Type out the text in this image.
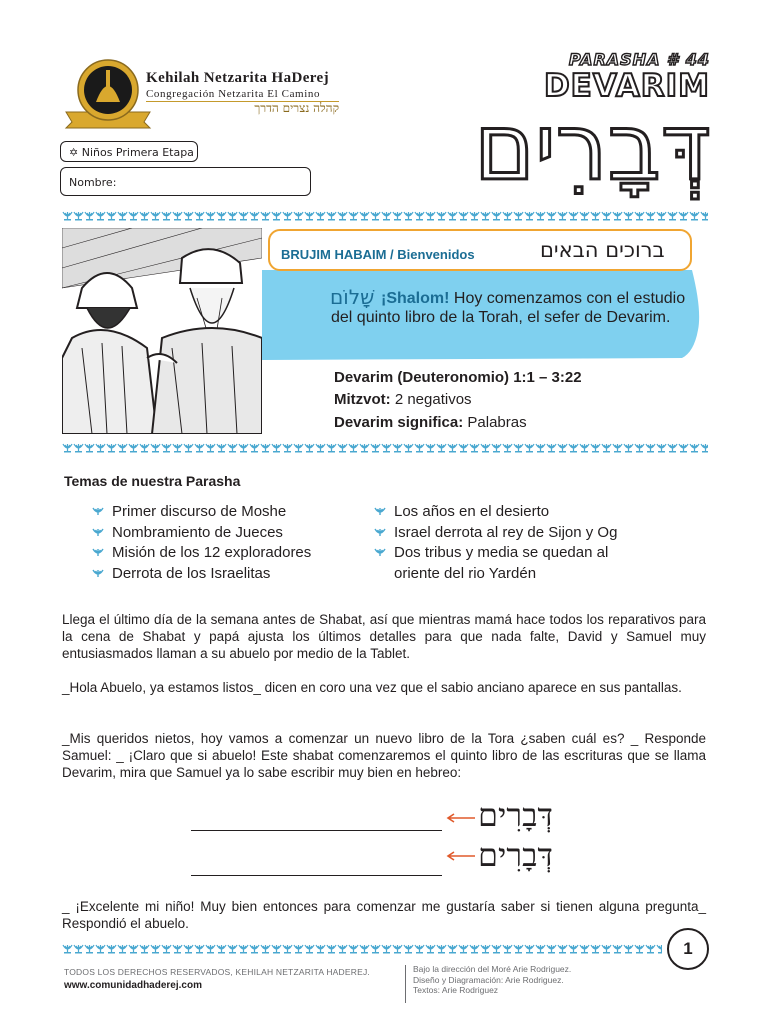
Kehilah Netzarita HaDerej
Congregación Netzarita El Camino
קהלה נצרים הדרך
PARASHA # 44
DEVARIM
דְּבָרִים
✡ Niños Primera Etapa
Nombre:
BRUJIM HABAIM / Bienvenidos	ברוכים הבאים
שָׁלוֹם ¡Shalom! Hoy comenzamos con el estudio del quinto libro de la Torah, el sefer de Devarim.
Devarim (Deuteronomio) 1:1 – 3:22
Mitzvot: 2 negativos
Devarim significa: Palabras
Temas de nuestra Parasha
Primer discurso de Moshe
Nombramiento de Jueces
Misión de los 12 exploradores
Derrota de los Israelitas
Los años en el desierto
Israel derrota al rey de Sijon y Og
Dos tribus y media se quedan al
oriente del rio Yardén
Llega el último día de la semana antes de Shabat, así que mientras mamá hace todos los reparativos para la cena de Shabat y papá ajusta los últimos detalles para que nada falte, David y Samuel muy entusiasmados llaman a su abuelo por medio de la Tablet.
_Hola Abuelo, ya estamos listos_ dicen en coro una vez que el sabio anciano aparece en sus pantallas.
_Mis queridos nietos, hoy vamos a comenzar un nuevo libro de la Tora ¿saben cuál es? _ Responde Samuel: _ ¡Claro que si abuelo! Este shabat comenzaremos el quinto libro de las escrituras que se llama Devarim, mira que Samuel ya lo sabe escribir muy bien en hebreo:
דְּבָרִים
דְּבָרִים
_ ¡Excelente mi niño! Muy bien entonces para comenzar me gustaría saber si tienen alguna pregunta_ Respondió el abuelo.
1
TODOS LOS DERECHOS RESERVADOS, KEHILAH NETZARITA HADEREJ.
www.comunidadhaderej.com
Bajo la dirección del Moré Arie Rodriguez.
Diseño y Diagramación: Arie Rodriguez.
Textos: Arie Rodriguez
